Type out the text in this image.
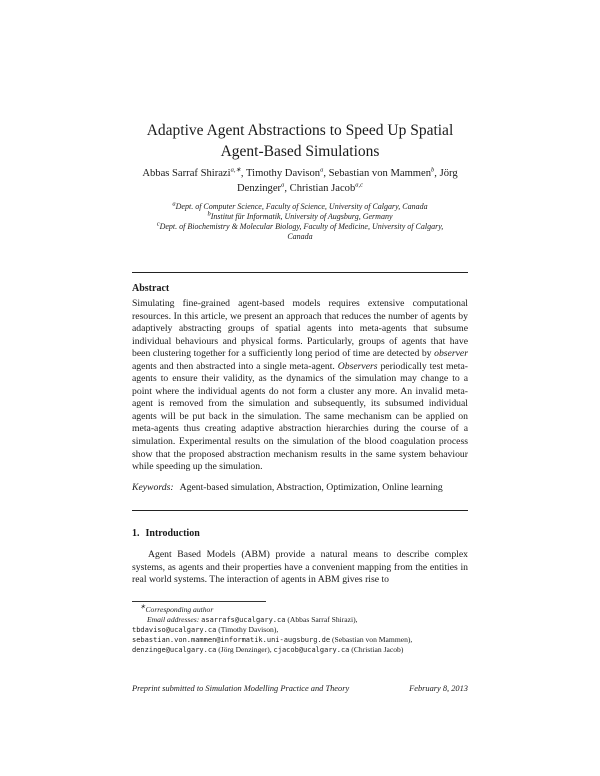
Adaptive Agent Abstractions to Speed Up Spatial
Agent-Based Simulations
Abbas Sarraf Shirazi$^{a,∗}$, Timothy Davison$^a$, Sebastian von Mammen$^b$, Jörg Denzinger$^a$, Christian Jacob$^{a,c}$
$^a$Dept. of Computer Science, Faculty of Science, University of Calgary, Canada
$^b$Institut für Informatik, University of Augsburg, Germany
$^c$Dept. of Biochemistry & Molecular Biology, Faculty of Medicine, University of Calgary,
Canada
Abstract
Simulating fine-grained agent-based models requires extensive computational resources. In this article, we present an approach that reduces the number of agents by adaptively abstracting groups of spatial agents into meta-agents that subsume individual behaviours and physical forms. Particularly, groups of agents that have been clustering together for a sufficiently long period of time are detected by observer agents and then abstracted into a single meta-agent. Observers periodically test meta-agents to ensure their validity, as the dynamics of the simulation may change to a point where the individual agents do not form a cluster any more. An invalid meta-agent is removed from the simulation and subsequently, its subsumed individual agents will be put back in the simulation. The same mechanism can be applied on meta-agents thus creating adaptive abstraction hierarchies during the course of a simulation. Experimental results on the simulation of the blood coagulation process show that the proposed abstraction mechanism results in the same system behaviour while speeding up the simulation.
Keywords: Agent-based simulation, Abstraction, Optimization, Online learning
1. Introduction
Agent Based Models (ABM) provide a natural means to describe complex systems, as agents and their properties have a convenient mapping from the entities in real world systems. The interaction of agents in ABM gives rise to
∗Corresponding author
Email addresses: asarrafs@ucalgary.ca (Abbas Sarraf Shirazi),
tbdaviso@ucalgary.ca (Timothy Davison),
sebastian.von.mammen@informatik.uni-augsburg.de (Sebastian von Mammen),
denzinge@ucalgary.ca (Jörg Denzinger), cjacob@ucalgary.ca (Christian Jacob)
Preprint submitted to Simulation Modelling Practice and Theory	February 8, 2013
